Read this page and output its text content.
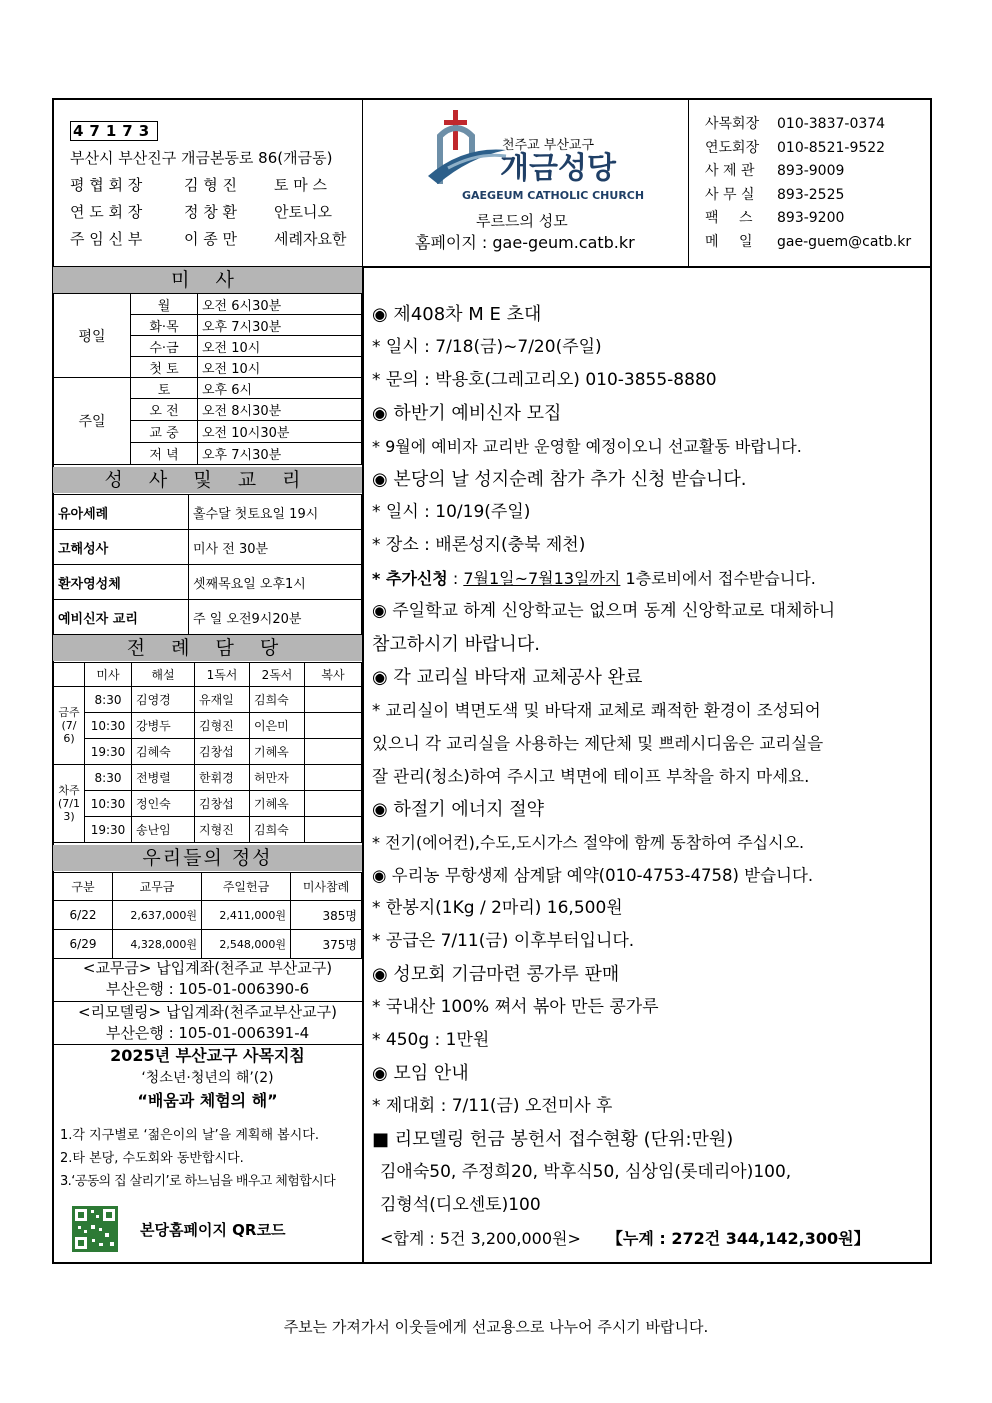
47173
부산시 부산진구 개금본동로 86(개금동)
평 협 회 장	김 형 진	토 마 스
연 도 회 장	정 창 환	안토니오
주 임 신 부	이 종 만	세례자요한
천주교 부산교구
개금성당
GAEGEUM CATHOLIC CHURCH
루르드의 성모
홈페이지 : gae-geum.catb.kr
사목회장	010-3837-0374
연도회장	010-8521-9522
사 제 관	893-9009
사 무 실	893-2525
팩 스	893-9200
메 일	gae-guem@catb.kr
미 사
평일	월	오전 6시30분
	화·목	오후 7시30분
	수·금	오전 10시
	첫 토	오전 10시
주일	토	오후 6시
	오 전	오전 8시30분
	교 중	오전 10시30분
	저 녁	오후 7시30분
성 사 및 교 리
유아세례	홀수달 첫토요일 19시
고해성사	미사 전 30분
환자영성체	셋째목요일 오후1시
예비신자 교리	주 일 오전9시20분
전 례 담 당
	미사	해설	1독서	2독서	복사
금주(7/6)	8:30	김영경	유재일	김희숙	
	10:30	강병두	김형진	이은미	
	19:30	김혜숙	김창섭	기혜옥	
차주(7/13)	8:30	전병렬	한휘경	허만자	
	10:30	정인숙	김창섭	기혜옥	
	19:30	송난임	지형진	김희숙	
우리들의 정성
구분	교무금	주일헌금	미사참례
6/22	2,637,000원	2,411,000원	385명
6/29	4,328,000원	2,548,000원	375명
<교무금> 납입계좌(천주교 부산교구)
부산은행 : 105-01-006390-6
<리모델링> 납입계좌(천주교부산교구)
부산은행 : 105-01-006391-4
2025년 부산교구 사목지침
‘청소년·청년의 해’(2)
“배움과 체험의 해”
1.각 지구별로 ‘젊은이의 날’을 계획해 봅시다.
2.타 본당, 수도회와 동반합시다.
3.‘공동의 집 살리기’로 하느님을 배우고 체험합시다
본당홈페이지 QR코드
◉ 제408차 M E 초대
* 일시 : 7/18(금)~7/20(주일)
* 문의 : 박용호(그레고리오) 010-3855-8880
◉ 하반기 예비신자 모집
* 9월에 예비자 교리반 운영할 예정이오니 선교활동 바랍니다.
◉ 본당의 날 성지순례 참가 추가 신청 받습니다.
* 일시 : 10/19(주일)
* 장소 : 배론성지(충북 제천)
* 추가신청 : 7월1일~7월13일까지 1층로비에서 접수받습니다.
◉ 주일학교 하계 신앙학교는 없으며 동계 신앙학교로 대체하니
참고하시기 바랍니다.
◉ 각 교리실 바닥재 교체공사 완료
* 교리실이 벽면도색 및 바닥재 교체로 쾌적한 환경이 조성되어
있으니 각 교리실을 사용하는 제단체 및 쁘레시디움은 교리실을
잘 관리(청소)하여 주시고 벽면에 테이프 부착을 하지 마세요.
◉ 하절기 에너지 절약
* 전기(에어컨),수도,도시가스 절약에 함께 동참하여 주십시오.
◉ 우리농 무항생제 삼계닭 예약(010-4753-4758) 받습니다.
* 한봉지(1Kg / 2마리) 16,500원
* 공급은 7/11(금) 이후부터입니다.
◉ 성모회 기금마련 콩가루 판매
* 국내산 100% 쪄서 볶아 만든 콩가루
* 450g : 1만원
◉ 모임 안내
* 제대회 : 7/11(금) 오전미사 후
■ 리모델링 헌금 봉헌서 접수현황 (단위:만원)
김애숙50, 주정희20, 박후식50, 심상임(롯데리아)100,
김형석(디오센토)100
<합계 : 5건 3,200,000원> 【누계 : 272건 344,142,300원】
주보는 가져가서 이웃들에게 선교용으로 나누어 주시기 바랍니다.
